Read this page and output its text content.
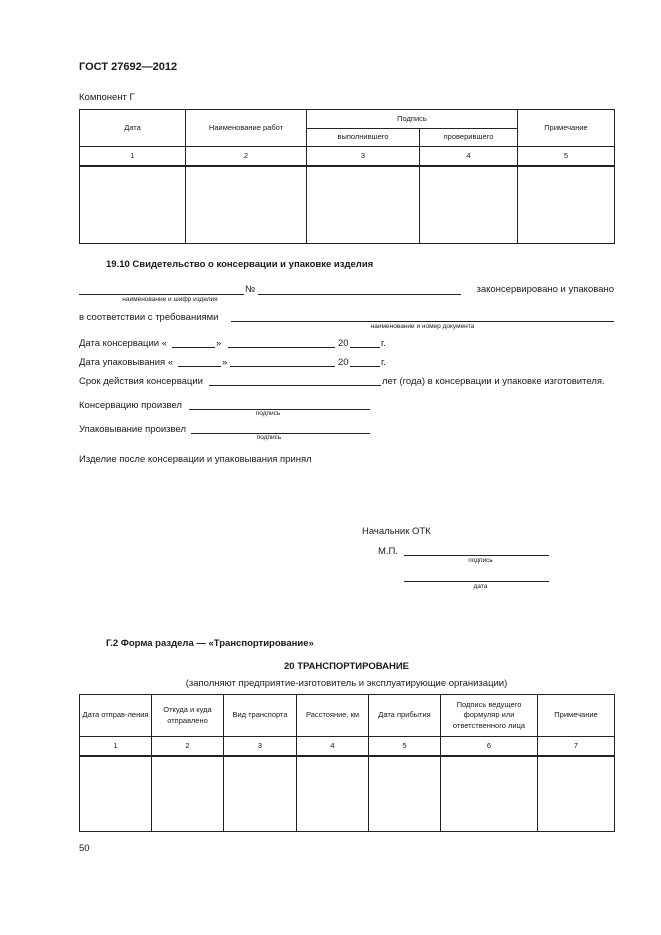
ГОСТ 27692—2012
Компонент Г
Дата	Наименование работ	Подпись		Примечание
		выполнившего	проверившего	
1	2	3	4	5

19.10 Свидетельство о консервации и упаковке изделия
№	законсервировано и упаковано
наименование и шифр изделия
в соответствии с требованиями
наименование и номер документа
Дата консервации «	»	20	г.
Дата упаковывания «	»	20	г.
Срок действия консервации	лет (года) в консервации и упаковке изготовителя.
Консервацию произвел
подпись
Упаковывание произвел
подпись
Изделие после консервации и упаковывания принял
Начальник ОТК
М.П.
подпись
дата
Г.2 Форма раздела — «Транспортирование»
20 ТРАНСПОРТИРОВАНИЕ
(заполняют предприятие-изготовитель и эксплуатирующие организации)
Дата отправ-ления	Откуда и куда отправлено	Вид транспорта	Расстояние, км	Дата прибытия	Подпись ведущего формуляр или ответственного лица	Примечание
1	2	3	4	5	6	7

50
